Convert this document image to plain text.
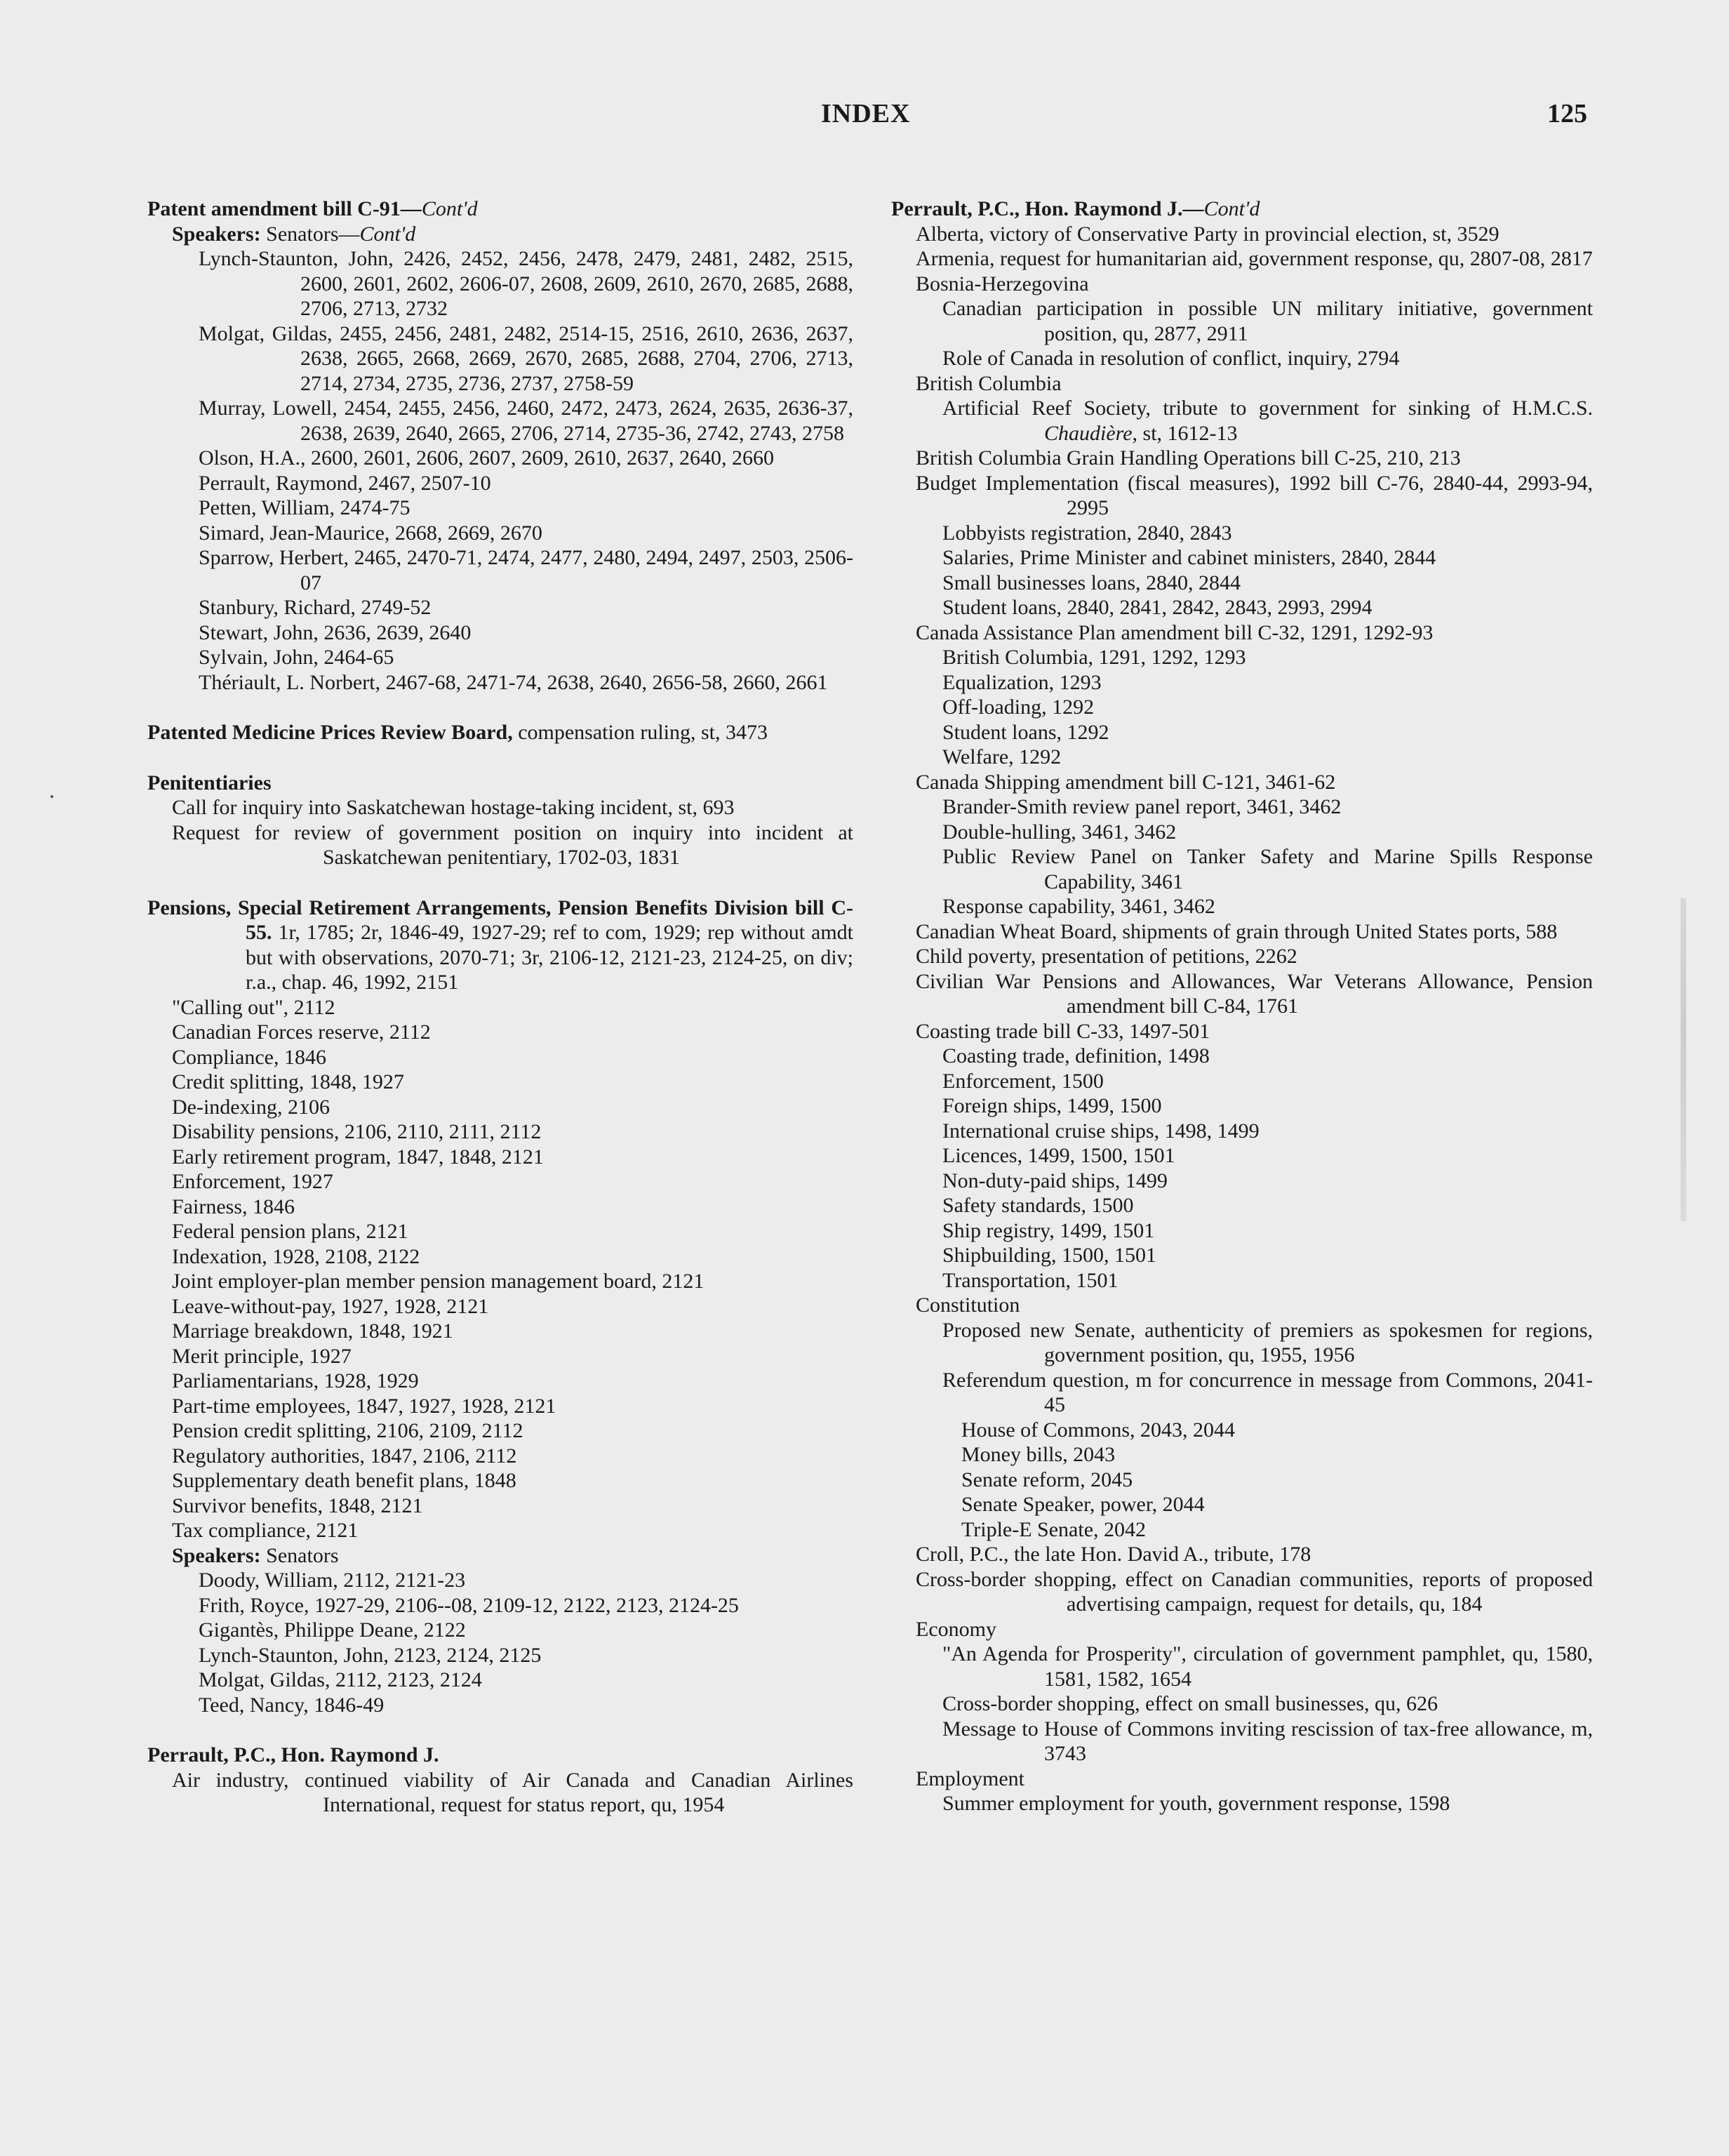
INDEX	125

Patent amendment bill C-91—Cont'd

Speakers: Senators—Cont'd

Lynch-Staunton, John, 2426, 2452, 2456, 2478, 2479, 2481, 2482, 2515, 2600, 2601, 2602, 2606-07, 2608, 2609, 2610, 2670, 2685, 2688, 2706, 2713, 2732

Molgat, Gildas, 2455, 2456, 2481, 2482, 2514-15, 2516, 2610, 2636, 2637, 2638, 2665, 2668, 2669, 2670, 2685, 2688, 2704, 2706, 2713, 2714, 2734, 2735, 2736, 2737, 2758-59

Murray, Lowell, 2454, 2455, 2456, 2460, 2472, 2473, 2624, 2635, 2636-37, 2638, 2639, 2640, 2665, 2706, 2714, 2735-36, 2742, 2743, 2758

Olson, H.A., 2600, 2601, 2606, 2607, 2609, 2610, 2637, 2640, 2660

Perrault, Raymond, 2467, 2507-10

Petten, William, 2474-75

Simard, Jean-Maurice, 2668, 2669, 2670

Sparrow, Herbert, 2465, 2470-71, 2474, 2477, 2480, 2494, 2497, 2503, 2506-07

Stanbury, Richard, 2749-52

Stewart, John, 2636, 2639, 2640

Sylvain, John, 2464-65

Thériault, L. Norbert, 2467-68, 2471-74, 2638, 2640, 2656-58, 2660, 2661

Patented Medicine Prices Review Board, compensation ruling, st, 3473

Penitentiaries

Call for inquiry into Saskatchewan hostage-taking incident, st, 693

Request for review of government position on inquiry into incident at Saskatchewan penitentiary, 1702-03, 1831

Pensions, Special Retirement Arrangements, Pension Benefits Division bill C-55. 1r, 1785; 2r, 1846-49, 1927-29; ref to com, 1929; rep without amdt but with observations, 2070-71; 3r, 2106-12, 2121-23, 2124-25, on div; r.a., chap. 46, 1992, 2151

"Calling out", 2112

Canadian Forces reserve, 2112

Compliance, 1846

Credit splitting, 1848, 1927

De-indexing, 2106

Disability pensions, 2106, 2110, 2111, 2112

Early retirement program, 1847, 1848, 2121

Enforcement, 1927

Fairness, 1846

Federal pension plans, 2121

Indexation, 1928, 2108, 2122

Joint employer-plan member pension management board, 2121

Leave-without-pay, 1927, 1928, 2121

Marriage breakdown, 1848, 1921

Merit principle, 1927

Parliamentarians, 1928, 1929

Part-time employees, 1847, 1927, 1928, 2121

Pension credit splitting, 2106, 2109, 2112

Regulatory authorities, 1847, 2106, 2112

Supplementary death benefit plans, 1848

Survivor benefits, 1848, 2121

Tax compliance, 2121

Speakers: Senators

Doody, William, 2112, 2121-23

Frith, Royce, 1927-29, 2106--08, 2109-12, 2122, 2123, 2124-25

Gigantès, Philippe Deane, 2122

Lynch-Staunton, John, 2123, 2124, 2125

Molgat, Gildas, 2112, 2123, 2124

Teed, Nancy, 1846-49

Perrault, P.C., Hon. Raymond J.

Air industry, continued viability of Air Canada and Canadian Airlines International, request for status report, qu, 1954

Perrault, P.C., Hon. Raymond J.—Cont'd

Alberta, victory of Conservative Party in provincial election, st, 3529

Armenia, request for humanitarian aid, government response, qu, 2807-08, 2817

Bosnia-Herzegovina

Canadian participation in possible UN military initiative, government position, qu, 2877, 2911

Role of Canada in resolution of conflict, inquiry, 2794

British Columbia

Artificial Reef Society, tribute to government for sinking of H.M.C.S. Chaudière, st, 1612-13

British Columbia Grain Handling Operations bill C-25, 210, 213

Budget Implementation (fiscal measures), 1992 bill C-76, 2840-44, 2993-94, 2995

Lobbyists registration, 2840, 2843

Salaries, Prime Minister and cabinet ministers, 2840, 2844

Small businesses loans, 2840, 2844

Student loans, 2840, 2841, 2842, 2843, 2993, 2994

Canada Assistance Plan amendment bill C-32, 1291, 1292-93

British Columbia, 1291, 1292, 1293

Equalization, 1293

Off-loading, 1292

Student loans, 1292

Welfare, 1292

Canada Shipping amendment bill C-121, 3461-62

Brander-Smith review panel report, 3461, 3462

Double-hulling, 3461, 3462

Public Review Panel on Tanker Safety and Marine Spills Response Capability, 3461

Response capability, 3461, 3462

Canadian Wheat Board, shipments of grain through United States ports, 588

Child poverty, presentation of petitions, 2262

Civilian War Pensions and Allowances, War Veterans Allowance, Pension amendment bill C-84, 1761

Coasting trade bill C-33, 1497-501

Coasting trade, definition, 1498

Enforcement, 1500

Foreign ships, 1499, 1500

International cruise ships, 1498, 1499

Licences, 1499, 1500, 1501

Non-duty-paid ships, 1499

Safety standards, 1500

Ship registry, 1499, 1501

Shipbuilding, 1500, 1501

Transportation, 1501

Constitution

Proposed new Senate, authenticity of premiers as spokesmen for regions, government position, qu, 1955, 1956

Referendum question, m for concurrence in message from Commons, 2041-45

House of Commons, 2043, 2044

Money bills, 2043

Senate reform, 2045

Senate Speaker, power, 2044

Triple-E Senate, 2042

Croll, P.C., the late Hon. David A., tribute, 178

Cross-border shopping, effect on Canadian communities, reports of proposed advertising campaign, request for details, qu, 184

Economy

"An Agenda for Prosperity", circulation of government pamphlet, qu, 1580, 1581, 1582, 1654

Cross-border shopping, effect on small businesses, qu, 626

Message to House of Commons inviting rescission of tax-free allowance, m, 3743

Employment

Summer employment for youth, government response, 1598
